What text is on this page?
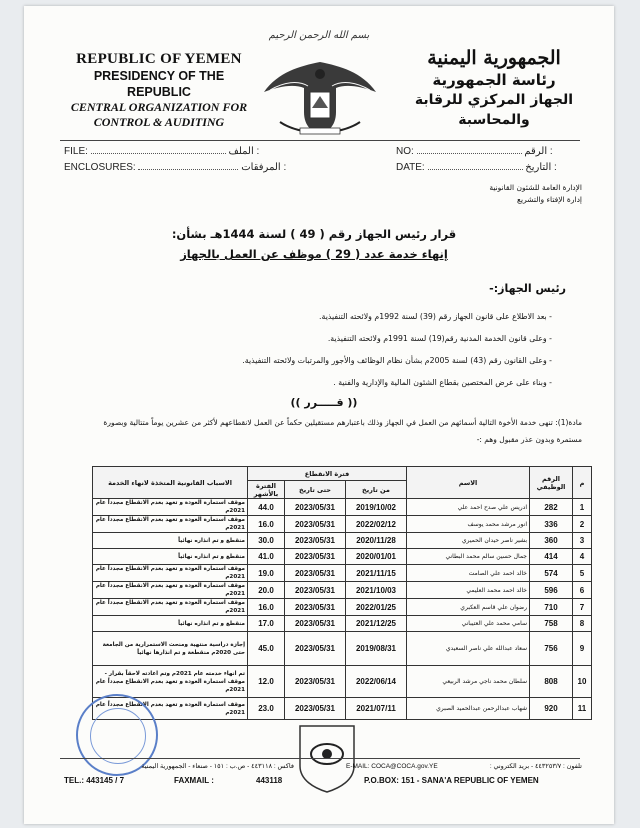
بسم الله الرحمن الرحيم
REPUBLIC OF YEMEN
PRESIDENCY OF THE REPUBLIC
CENTRAL ORGANIZATION FOR
CONTROL & AUDITING
الجمهورية اليمنية
رئاسة الجمهورية
الجهاز المركزي للرقابة والمحاسبة
FILE:	الملف :
ENCLOSURES:	المرفقات :
NO:	الرقم :
DATE:	التاريخ :
الإدارة العامة للشئون القانونية
إدارة الإفتاء والتشريع
قرار رئيس الجهاز رقم ( 49 ) لسنة 1444هـ بشأن:
إنهاء خدمة عدد ( 29 ) موظف عن العمل بالجهاز
رئيس الجهاز:-
- بعد الاطلاع على قانون الجهاز رقم (39) لسنة 1992م ولائحته التنفيذية.
- وعلى قانون الخدمة المدنية رقم(19) لسنة 1991م ولائحته التنفيذية.
- وعلى القانون رقم (43) لسنة 2005م بشأن نظام الوظائف والأجور والمرتبات ولائحته التنفيذية.
- وبناء على عرض المختصين بقطاع الشئون المالية والإدارية والفنية .
(( قـــــرر ))
مادة(1): تنهى خدمة الأخوة التالية أسمائهم من العمل في الجهاز وذلك باعتبارهم مستقيلين حكماً عن العمل لانقطاعهم لأكثر من عشرين يوماً متتالية وبصورة مستمرة وبدون عذر مقبول وهم :-
م	الرقم الوظيفي	الاسم	فترة الانقطاع			الاسباب القانونية المتخذة لانهاء الخدمة
			من تاريخ	حتى تاريخ	الفترة بالأشهر	
1	282	ادريس علي صدح احمد علي	2019/10/02	2023/05/31	44.0	موقف استمارة العودة و تعهد بعدم الانقطاع مجدداً عام 2021م
2	336	انور مرشد محمد يوسف	2022/02/12	2023/05/31	16.0	موقف استمارة العودة و تعهد بعدم الانقطاع مجدداً عام 2021م
3	360	بشير ناصر حيدان الحميري	2020/11/28	2023/05/31	30.0	منقطع و تم انذاره نهائياً
4	414	جمال حسين سالم محمد البطاني	2020/01/01	2023/05/31	41.0	منقطع و تم انذاره نهائياً
5	574	خالد احمد علي الصامت	2021/11/15	2023/05/31	19.0	موقف استمارة العودة و تعهد بعدم الانقطاع مجدداً عام 2021م
6	596	خالد احمد محمد العليمي	2021/10/03	2023/05/31	20.0	موقف استمارة العودة و تعهد بعدم الانقطاع مجدداً عام 2021م
7	710	رضوان علي قاسم العكبري	2022/01/25	2023/05/31	16.0	موقف استمارة العودة و تعهد بعدم الانقطاع مجدداً عام 2021م
8	758	سامي محمد علي العتيباني	2021/12/25	2023/05/31	17.0	منقطع و تم انذاره نهائياً
9	756	سعاد عبدالله علي ناصر السعيدي	2019/08/31	2023/05/31	45.0	إجازة دراسية منتهية ومنحت الاستمرارية من الجامعة حتى 2020م منقطعة و تم انذارها نهائياً
10	808	سلطان محمد ناجي مرشد الربيعي	2022/06/14	2023/05/31	12.0	تم انهاء خدمته عام 2021م وتم اعادته لاحقاً بقرار - موقف استمارة العودة و تعهد بعدم الانقطاع مجدداً عام 2021م
11	920	شهاب عبدالرحمن عبدالحميد الصبري	2021/07/11	2023/05/31	23.0	موقف استمارة العودة و تعهد بعدم الانقطاع مجدداً عام 2021م
تلفون : ٤٤٣٢٥٣/٧ - بريد الكتروني :
E-MAIL: COCA@COCA.gov.YE
فاكس : ٤٤٣١١٨ - ص.ب : ١٥١ - صنعاء - الجمهورية اليمنية
TEL.: 443145 / 7	FAXMAIL :	443118	P.O.BOX: 151 - SANA'A REPUBLIC OF YEMEN
